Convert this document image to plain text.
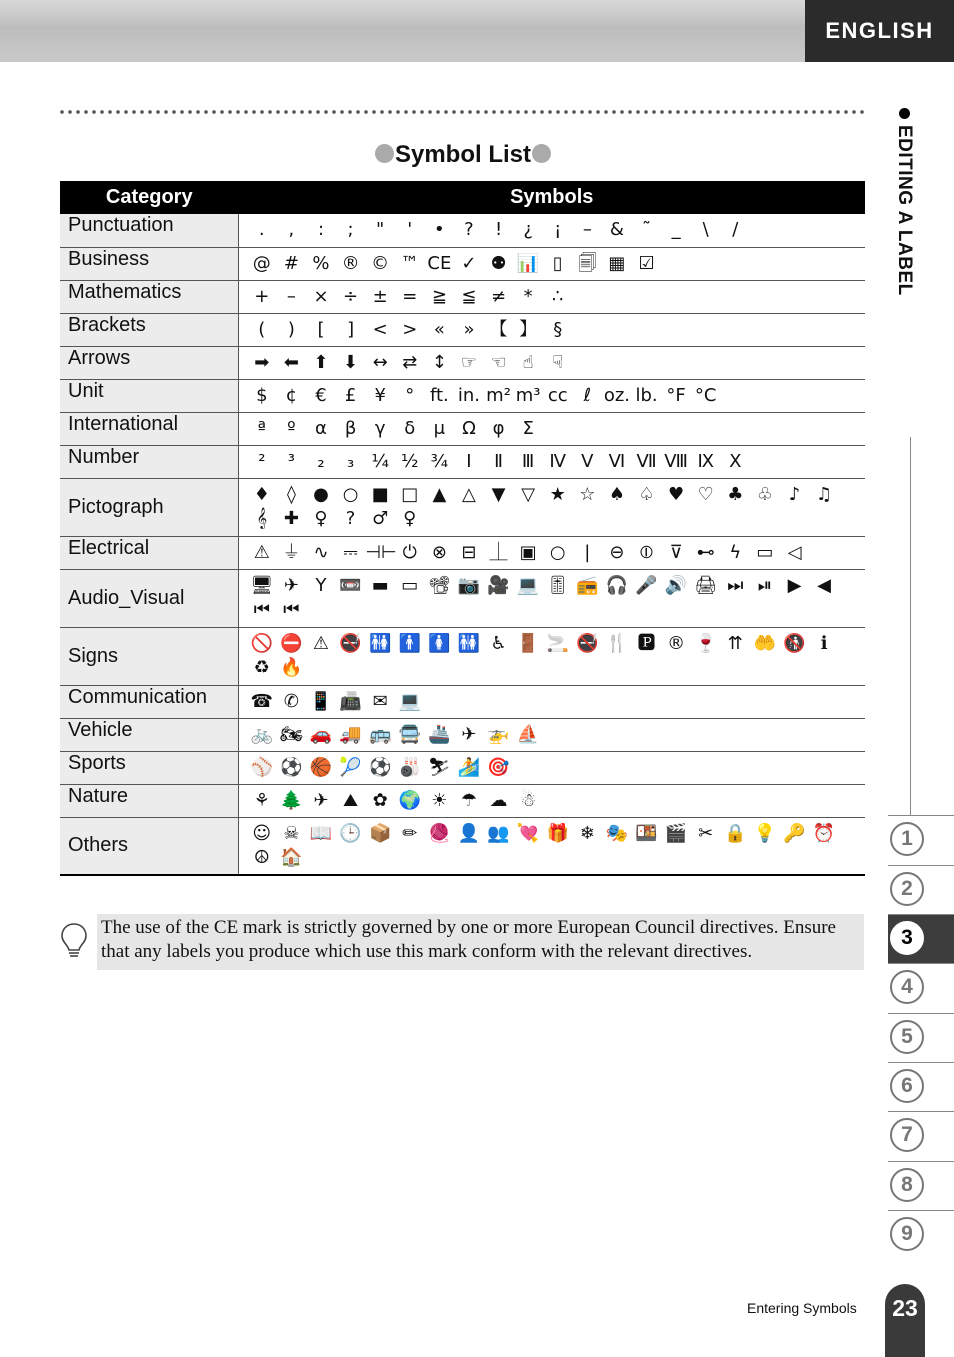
ENGLISH
Symbol List
Category	Symbols
Punctuation	. , : ; " ' • ? ! ¿ ¡ – & ˜ _ \ /
Business	@ # % ® © ™ CE ✓ ⚉ 📊 ▯ 🗐 ▦ ☑
Mathematics	+ – × ÷ ± = ≧ ≦ ≠ * ∴
Brackets	( ) [ ] < > « » 【 】 §
Arrows	➡ ⬅ ⬆ ⬇ ↔ ⇄ ↕ ☞ ☜ ☝ ☟
Unit	$ ¢ € £ ¥ ° ft. in. m² m³ cc ℓ oz. lb. °F °C
International	ª º α β γ δ μ Ω φ Σ
Number	² ³ ₂ ₃ ¼ ½ ¾ Ⅰ Ⅱ Ⅲ Ⅳ Ⅴ Ⅵ Ⅶ Ⅷ Ⅸ Ⅹ
Pictograph	♦ ◊ ● ○ ■ □ ▲ △ ▼ ▽ ★ ☆ ♠ ♤ ♥ ♡ ♣ ♧ ♪ ♫𝄞 ✚ ♀ ? ♂ ♀
Electrical	⚠ ⏚ ∿ ⎓ ⊣⊢ ⏻ ⊗ ⊟ ⏊ ▣ ○ | ⊖ ⦶ ⊽ ⊷ ϟ ▭ ◁
Audio_Visual	🖥 ✈ Y 📼 ▬ ▭ 📽 📷 🎥 💻 🎚 📻 🎧 🎤 🔊 🖨 ⏭ ⏯ ▶ ◀⏮ ⏮
Signs	🚫 ⛔ ⚠ 🚭 🚻 🚹 🚺 🚻 ♿ 🚪 🚬 🚭 🍴 🅿 ® 🍷 ⇈ 🤲 🚯 ℹ♻ 🔥
Communication	☎ ✆ 📱 📠 ✉ 💻
Vehicle	🚲 🏍 🚗 🚚 🚌 🚍 🚢 ✈ 🚁 ⛵
Sports	⚾ ⚽ 🏀 🎾 ⚽ 🎳 ⛷ 🏄 🎯
Nature	⚘ 🌲 ✈ ⛰ ✿ 🌍 ☀ ☂ ☁ ☃
Others	☺ ☠ 📖 🕒 📦 ✏ 🧶 👤 👥 💘 🎁 ❄ 🎭 🍱 🎬 ✂ 🔒 💡 🔑 ⏰☮ 🏠
The use of the CE mark is strictly governed by one or more European Council directives. Ensure that any labels you produce which use this mark conform with the relevant directives.
EDITING A LABEL
1
2
3
4
5
6
7
8
9
Entering Symbols	23
